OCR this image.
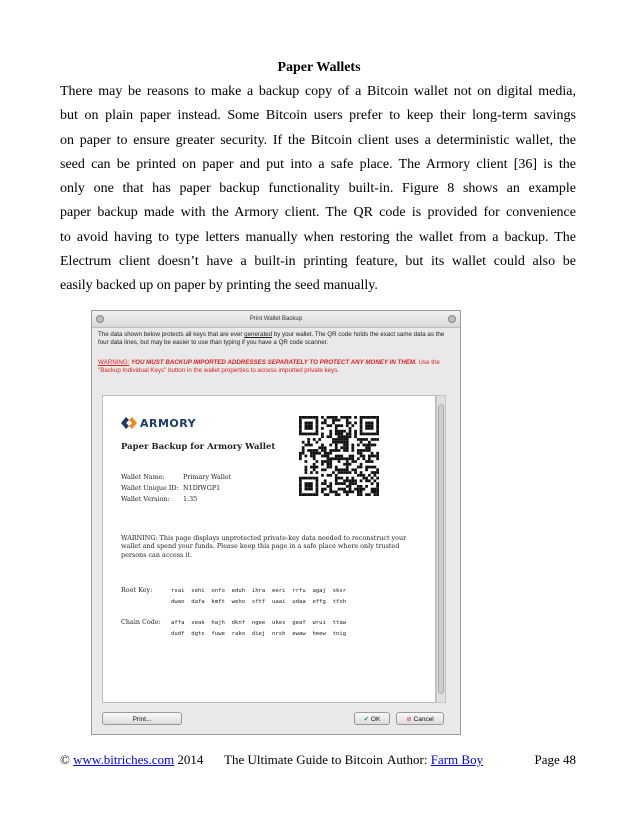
Paper Wallets
There may be reasons to make a backup copy of a Bitcoin wallet not on digital media,
but on plain paper instead. Some Bitcoin users prefer to keep their long-term savings
on paper to ensure greater security. If the Bitcoin client uses a deterministic wallet, the
seed can be printed on paper and put into a safe place. The Armory client [36] is the
only one that has paper backup functionality built-in. Figure 8 shows an example
paper backup made with the Armory client. The QR code is provided for convenience
to avoid having to type letters manually when restoring the wallet from a backup. The
Electrum client doesn’t have a built-in printing feature, but its wallet could also be
easily backed up on paper by printing the seed manually.
Print Wallet Backup
The data shown below protects all keys that are ever generated by your wallet. The QR code holds the exact same data as the four data lines, but may be easier to use than typing if you have a QR code scanner.
WARNING: YOU MUST BACKUP IMPORTED ADDRESSES SEPARATELY TO PROTECT ANY MONEY IN THEM. Use the "Backup Individual Keys" button in the wallet properties to access imported private keys.
ARMORY
Paper Backup for Armory Wallet
Wallet Name:	Primary Wallet
Wallet Unique ID: N1DfWGP1
Wallet Version:	1.35
WARNING: This page displays unprotected private-key data needed to reconstruct your wallet and spend your funds. Please keep this page in a safe place where only trusted persons can access it.
Root Key:	rsai  sehi  onfo  eduh  ihra  eeri  rrfu  agaj  sksr
dwao  dafa  kmft  weho  sftf  uaai  udaa  effg  tfoh
Chain Code:	affa  seak  hajh  dknf  ngee  ukes  geaf  wrui  ttaw
dudf  dgts  fuwe  rako  diej  nrsh  ewaw  heew  tnig
Print...	✔ OK	⊘ Cancel
© www.bitriches.com 2014 The Ultimate Guide to Bitcoin Author: Farm Boy	Page 48
